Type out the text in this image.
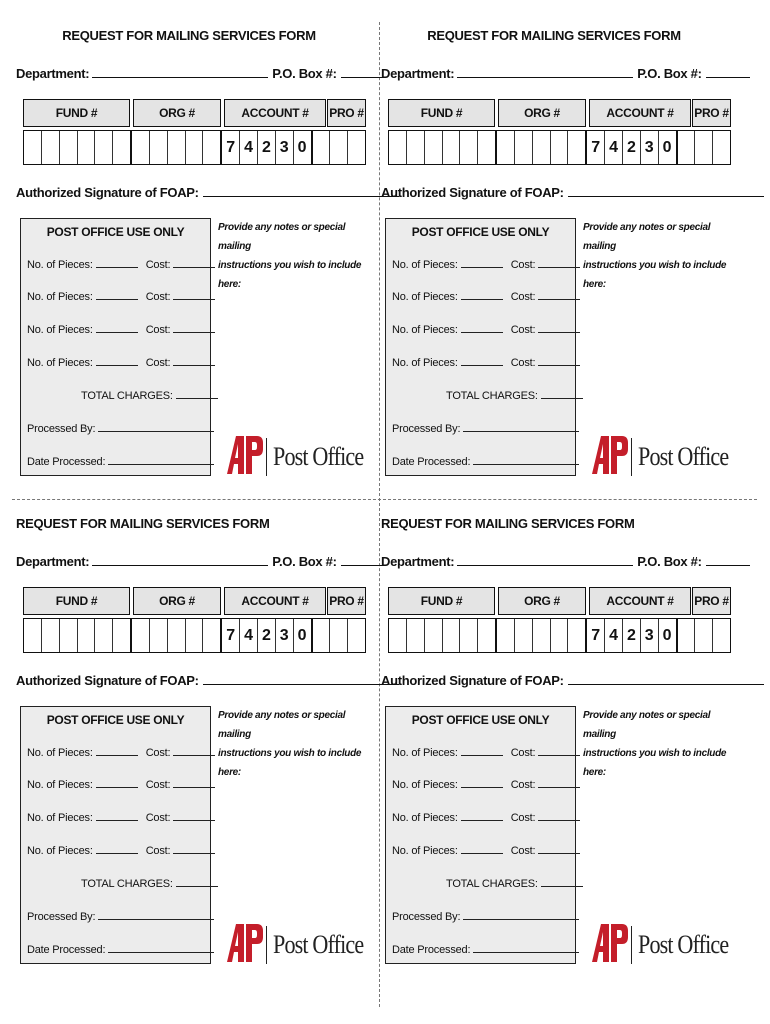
REQUEST FOR MAILING SERVICES FORM
Department:	P.O. Box #:
FUND #	ORG #	ACCOUNT # PRO #
7 4 2 3 0
Authorized Signature of FOAP:
POST OFFICE USE ONLY
No. of Pieces:	Cost:
No. of Pieces:	Cost:
No. of Pieces:	Cost:
No. of Pieces:	Cost:
TOTAL CHARGES:
Processed By:
Date Processed:
Provide any notes or special mailing
instructions you wish to include here:
Post Office
REQUEST FOR MAILING SERVICES FORM
Department:	P.O. Box #:
FUND #	ORG #	ACCOUNT # PRO #
7 4 2 3 0
Authorized Signature of FOAP:
POST OFFICE USE ONLY
No. of Pieces:	Cost:
No. of Pieces:	Cost:
No. of Pieces:	Cost:
No. of Pieces:	Cost:
TOTAL CHARGES:
Processed By:
Date Processed:
Provide any notes or special mailing
instructions you wish to include here:
Post Office
REQUEST FOR MAILING SERVICES FORM
Department:	P.O. Box #:
FUND #	ORG #	ACCOUNT # PRO #
7 4 2 3 0
Authorized Signature of FOAP:
POST OFFICE USE ONLY
No. of Pieces:	Cost:
No. of Pieces:	Cost:
No. of Pieces:	Cost:
No. of Pieces:	Cost:
TOTAL CHARGES:
Processed By:
Date Processed:
Provide any notes or special mailing
instructions you wish to include here:
Post Office
REQUEST FOR MAILING SERVICES FORM
Department:	P.O. Box #:
FUND #	ORG #	ACCOUNT # PRO #
7 4 2 3 0
Authorized Signature of FOAP:
POST OFFICE USE ONLY
No. of Pieces:	Cost:
No. of Pieces:	Cost:
No. of Pieces:	Cost:
No. of Pieces:	Cost:
TOTAL CHARGES:
Processed By:
Date Processed:
Provide any notes or special mailing
instructions you wish to include here:
Post Office
